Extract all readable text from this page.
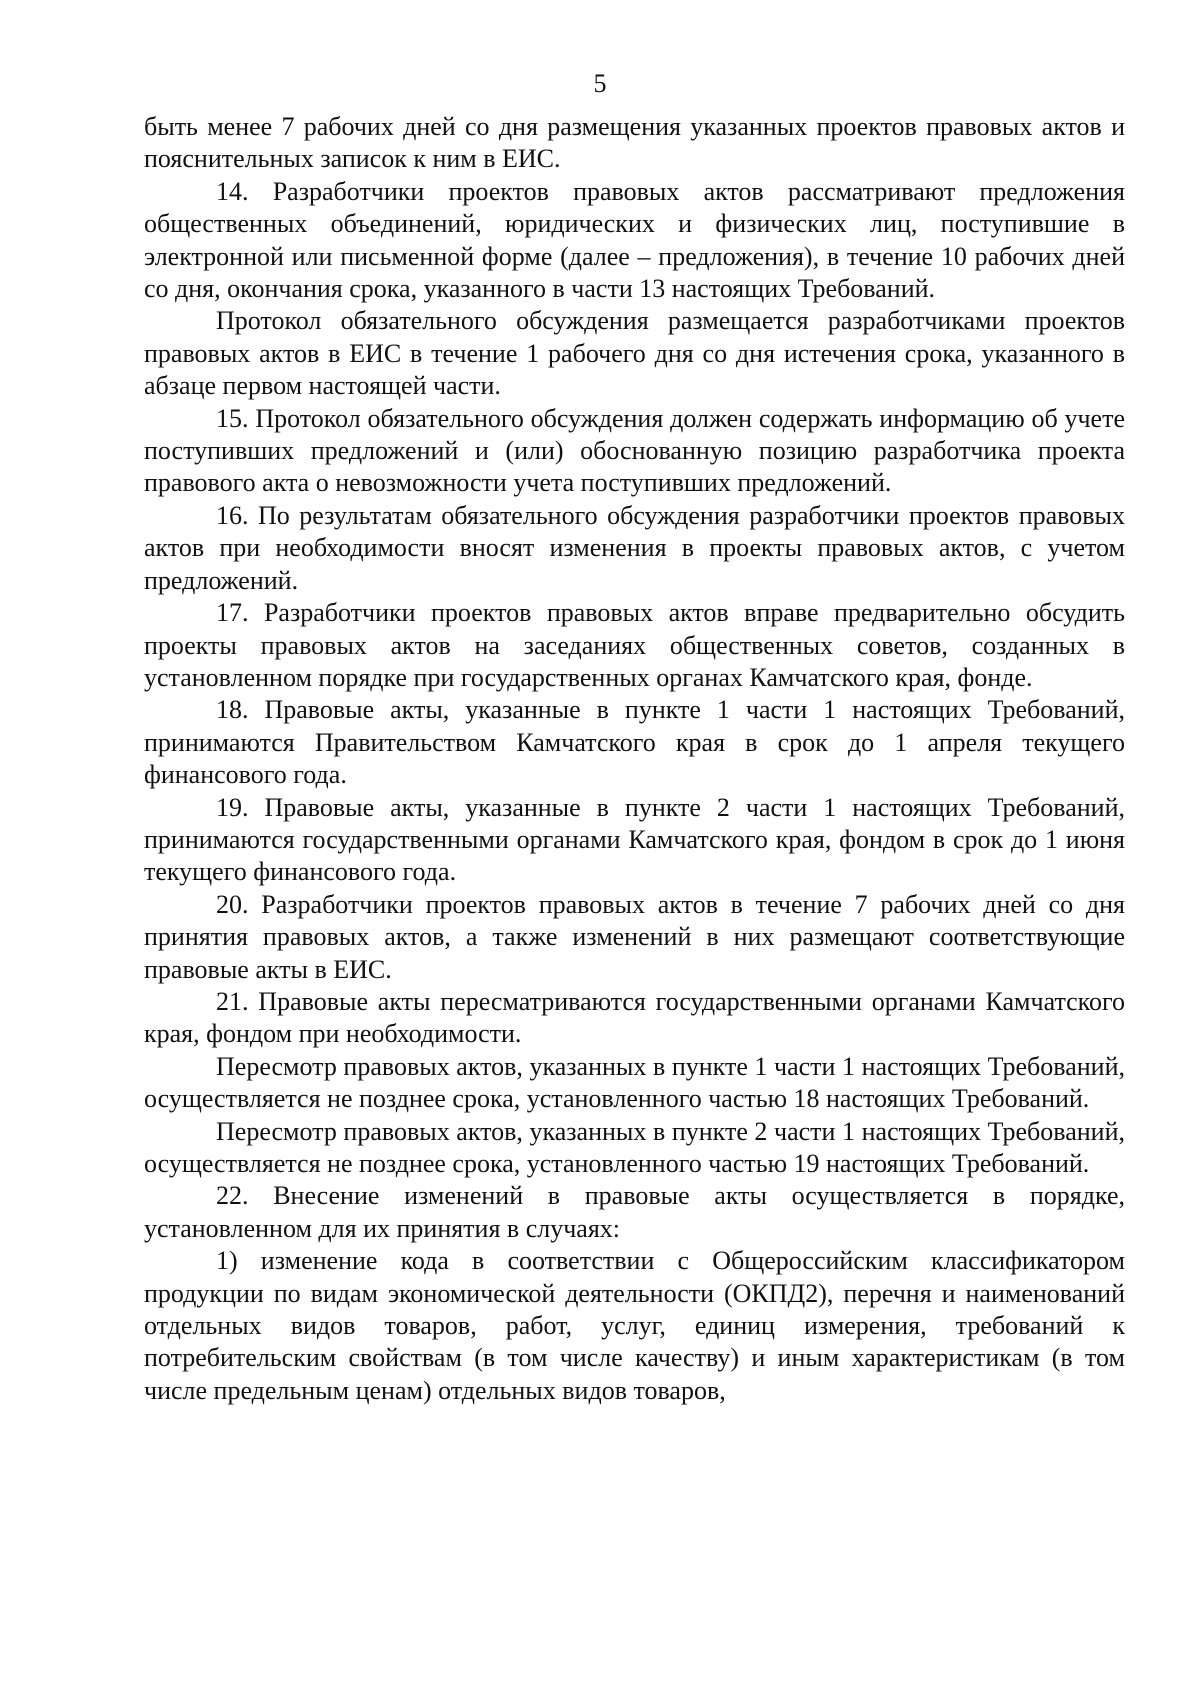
5

быть менее 7 рабочих дней со дня размещения указанных проектов правовых актов и пояснительных записок к ним в ЕИС.

14. Разработчики проектов правовых актов рассматривают предложения общественных объединений, юридических и физических лиц, поступившие в электронной или письменной форме (далее – предложения), в течение 10 рабочих дней со дня, окончания срока, указанного в части 13 настоящих Требований.

Протокол обязательного обсуждения размещается разработчиками проектов правовых актов в ЕИС в течение 1 рабочего дня со дня истечения срока, указанного в абзаце первом настоящей части.

15. Протокол обязательного обсуждения должен содержать информацию об учете поступивших предложений и (или) обоснованную позицию разработчика проекта правового акта о невозможности учета поступивших предложений.

16. По результатам обязательного обсуждения разработчики проектов правовых актов при необходимости вносят изменения в проекты правовых актов, с учетом предложений.

17. Разработчики проектов правовых актов вправе предварительно обсудить проекты правовых актов на заседаниях общественных советов, созданных в установленном порядке при государственных органах Камчатского края, фонде.

18. Правовые акты, указанные в пункте 1 части 1 настоящих Требований, принимаются Правительством Камчатского края в срок до 1 апреля текущего финансового года.

19. Правовые акты, указанные в пункте 2 части 1 настоящих Требований, принимаются государственными органами Камчатского края, фондом в срок до 1 июня текущего финансового года.

20. Разработчики проектов правовых актов в течение 7 рабочих дней со дня принятия правовых актов, а также изменений в них размещают соответствующие правовые акты в ЕИС.

21. Правовые акты пересматриваются государственными органами Камчатского края, фондом при необходимости.

Пересмотр правовых актов, указанных в пункте 1 части 1 настоящих Требований, осуществляется не позднее срока, установленного частью 18 настоящих Требований.

Пересмотр правовых актов, указанных в пункте 2 части 1 настоящих Требований, осуществляется не позднее срока, установленного частью 19 настоящих Требований.

22. Внесение изменений в правовые акты осуществляется в порядке, установленном для их принятия в случаях:

1) изменение кода в соответствии с Общероссийским классификатором продукции по видам экономической деятельности (ОКПД2), перечня и наименований отдельных видов товаров, работ, услуг, единиц измерения, требований к потребительским свойствам (в том числе качеству) и иным характеристикам (в том числе предельным ценам) отдельных видов товаров,
